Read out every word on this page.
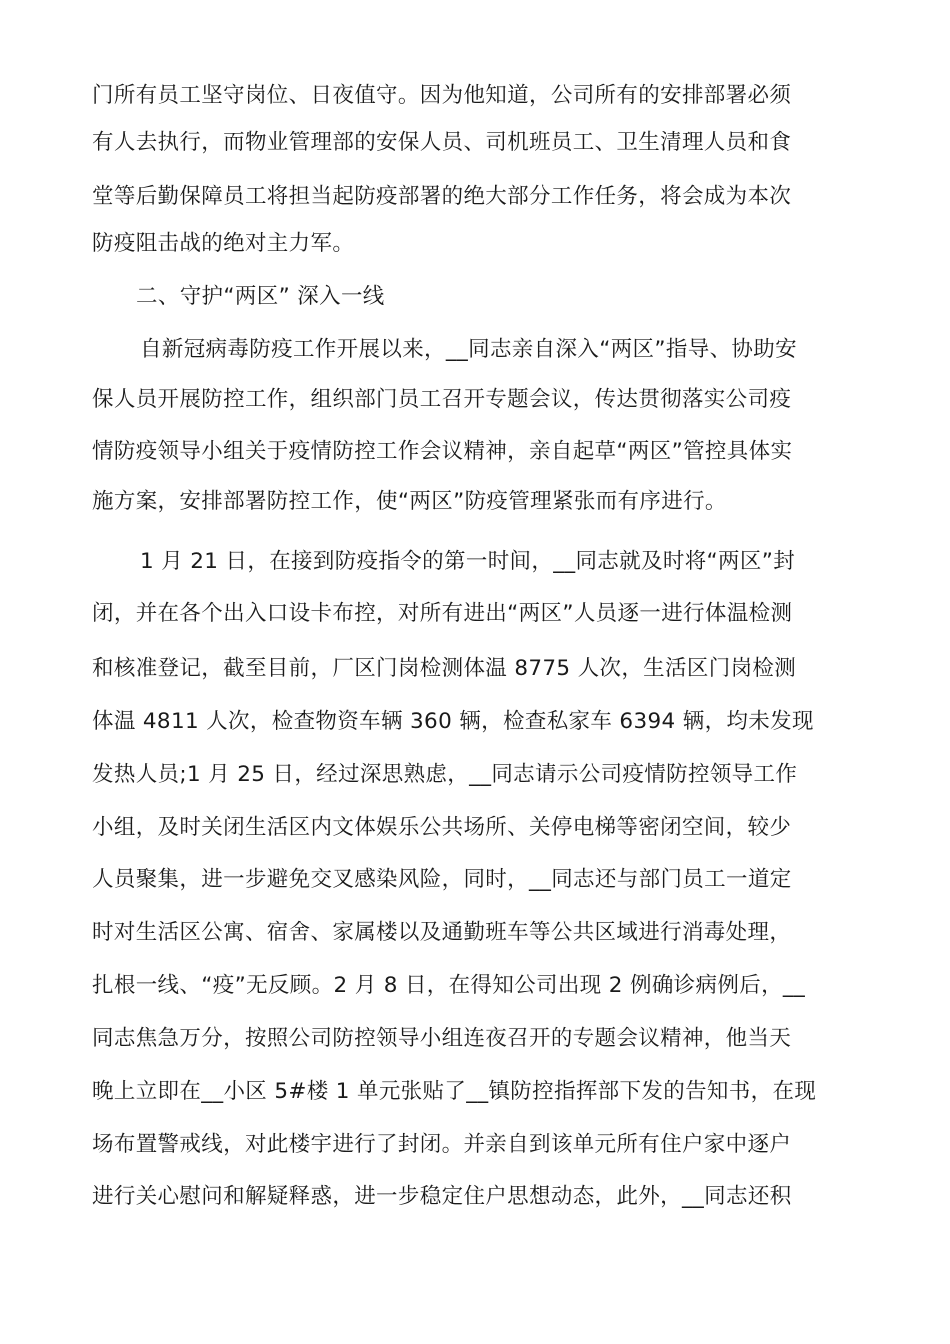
门所有员工坚守岗位、日夜值守。因为他知道，公司所有的安排部署必须
有人去执行，而物业管理部的安保人员、司机班员工、卫生清理人员和食
堂等后勤保障员工将担当起防疫部署的绝大部分工作任务，将会成为本次
防疫阻击战的绝对主力军。
二、守护“两区” 深入一线
自新冠病毒防疫工作开展以来，__同志亲自深入“两区”指导、协助安
保人员开展防控工作，组织部门员工召开专题会议，传达贯彻落实公司疫
情防疫领导小组关于疫情防控工作会议精神，亲自起草“两区”管控具体实
施方案，安排部署防控工作，使“两区”防疫管理紧张而有序进行。
1 月 21 日，在接到防疫指令的第一时间，__同志就及时将“两区”封
闭，并在各个出入口设卡布控，对所有进出“两区”人员逐一进行体温检测
和核准登记，截至目前，厂区门岗检测体温 8775 人次，生活区门岗检测
体温 4811 人次，检查物资车辆 360 辆，检查私家车 6394 辆，均未发现
发热人员;1 月 25 日，经过深思熟虑，__同志请示公司疫情防控领导工作
小组，及时关闭生活区内文体娱乐公共场所、关停电梯等密闭空间，较少
人员聚集，进一步避免交叉感染风险，同时，__同志还与部门员工一道定
时对生活区公寓、宿舍、家属楼以及通勤班车等公共区域进行消毒处理，
扎根一线、“疫”无反顾。2 月 8 日，在得知公司出现 2 例确诊病例后，__
同志焦急万分，按照公司防控领导小组连夜召开的专题会议精神，他当天
晚上立即在__小区 5#楼 1 单元张贴了__镇防控指挥部下发的告知书，在现
场布置警戒线，对此楼宇进行了封闭。并亲自到该单元所有住户家中逐户
进行关心慰问和解疑释惑，进一步稳定住户思想动态，此外，__同志还积
